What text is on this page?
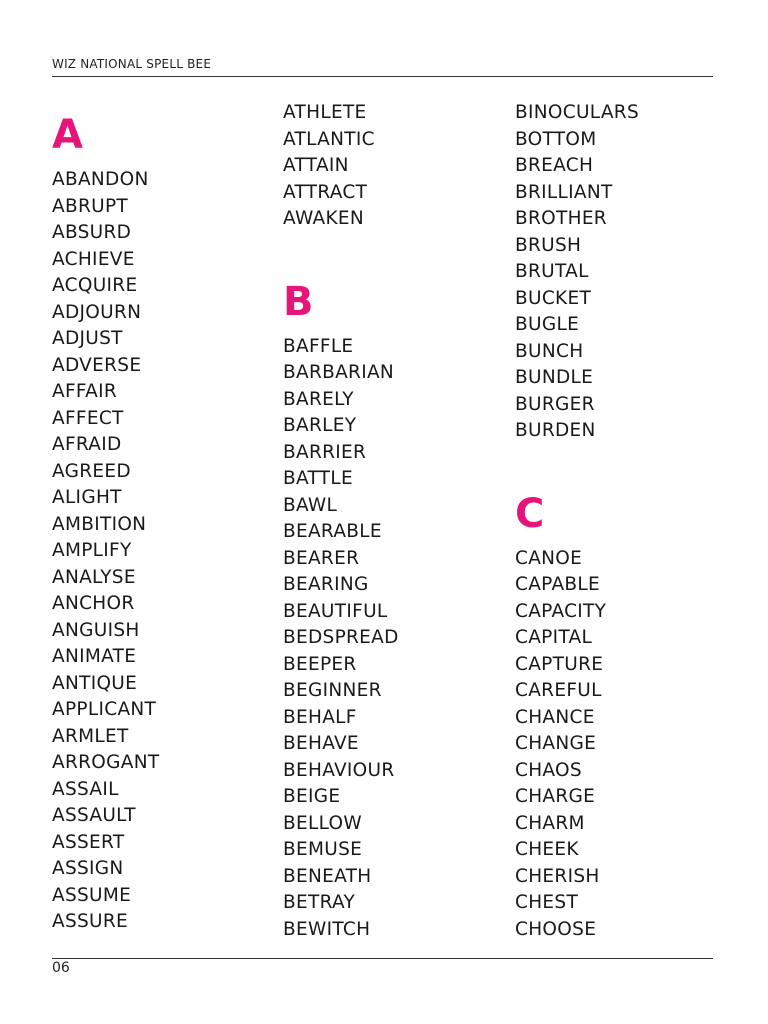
WIZ NATIONAL SPELL BEE
A
ABANDON
ABRUPT
ABSURD
ACHIEVE
ACQUIRE
ADJOURN
ADJUST
ADVERSE
AFFAIR
AFFECT
AFRAID
AGREED
ALIGHT
AMBITION
AMPLIFY
ANALYSE
ANCHOR
ANGUISH
ANIMATE
ANTIQUE
APPLICANT
ARMLET
ARROGANT
ASSAIL
ASSAULT
ASSERT
ASSIGN
ASSUME
ASSURE
ATHLETE
ATLANTIC
ATTAIN
ATTRACT
AWAKEN
B
BAFFLE
BARBARIAN
BARELY
BARLEY
BARRIER
BATTLE
BAWL
BEARABLE
BEARER
BEARING
BEAUTIFUL
BEDSPREAD
BEEPER
BEGINNER
BEHALF
BEHAVE
BEHAVIOUR
BEIGE
BELLOW
BEMUSE
BENEATH
BETRAY
BEWITCH
BINOCULARS
BOTTOM
BREACH
BRILLIANT
BROTHER
BRUSH
BRUTAL
BUCKET
BUGLE
BUNCH
BUNDLE
BURGER
BURDEN
C
CANOE
CAPABLE
CAPACITY
CAPITAL
CAPTURE
CAREFUL
CHANCE
CHANGE
CHAOS
CHARGE
CHARM
CHEEK
CHERISH
CHEST
CHOOSE
06
